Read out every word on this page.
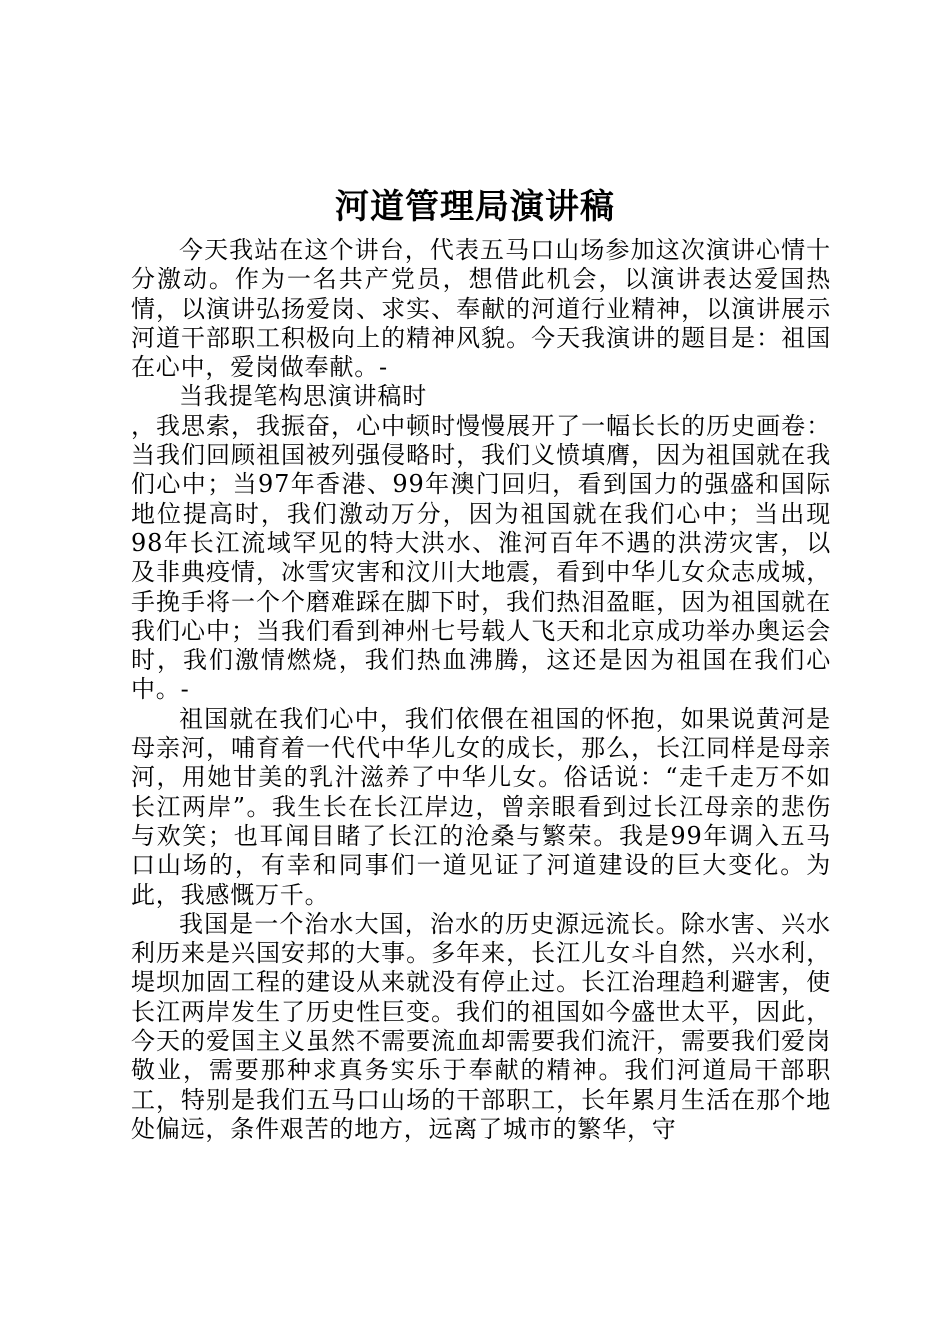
河道管理局演讲稿

今天我站在这个讲台，代表五马口山场参加这次演讲心情十分激动。作为一名共产党员，想借此机会，以演讲表达爱国热情，以演讲弘扬爱岗、求实、奉献的河道行业精神，以演讲展示河道干部职工积极向上的精神风貌。今天我演讲的题目是：祖国在心中，爱岗做奉献。-

当我提笔构思演讲稿时

，我思索，我振奋，心中顿时慢慢展开了一幅长长的历史画卷：当我们回顾祖国被列强侵略时，我们义愤填膺，因为祖国就在我们心中；当97年香港、99年澳门回归，看到国力的强盛和国际地位提高时，我们激动万分，因为祖国就在我们心中；当出现98年长江流域罕见的特大洪水、淮河百年不遇的洪涝灾害，以及非典疫情，冰雪灾害和汶川大地震，看到中华儿女众志成城，手挽手将一个个磨难踩在脚下时，我们热泪盈眶，因为祖国就在我们心中；当我们看到神州七号载人飞天和北京成功举办奥运会时，我们激情燃烧，我们热血沸腾，这还是因为祖国在我们心中。-

祖国就在我们心中，我们依偎在祖国的怀抱，如果说黄河是母亲河，哺育着一代代中华儿女的成长，那么，长江同样是母亲河，用她甘美的乳汁滋养了中华儿女。俗话说：“走千走万不如长江两岸”。我生长在长江岸边，曾亲眼看到过长江母亲的悲伤与欢笑；也耳闻目睹了长江的沧桑与繁荣。我是99年调入五马口山场的，有幸和同事们一道见证了河道建设的巨大变化。为此，我感慨万千。

我国是一个治水大国，治水的历史源远流长。除水害、兴水利历来是兴国安邦的大事。多年来，长江儿女斗自然，兴水利，堤坝加固工程的建设从来就没有停止过。长江治理趋利避害，使长江两岸发生了历史性巨变。我们的祖国如今盛世太平，因此，今天的爱国主义虽然不需要流血却需要我们流汗，需要我们爱岗敬业，需要那种求真务实乐于奉献的精神。我们河道局干部职工，特别是我们五马口山场的干部职工，长年累月生活在那个地处偏远，条件艰苦的地方，远离了城市的繁华，守
